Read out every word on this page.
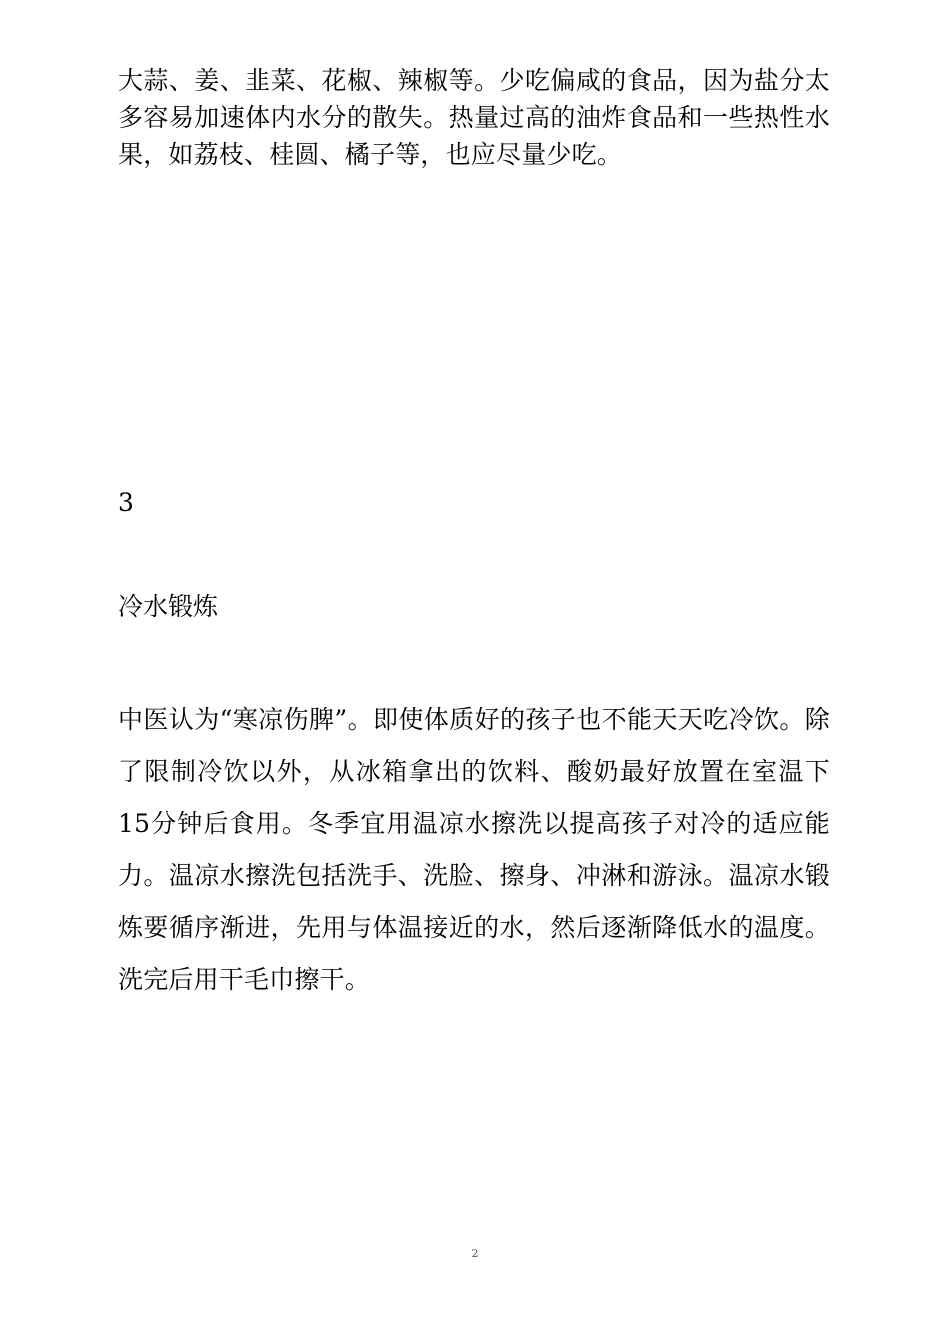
大蒜、姜、韭菜、花椒、辣椒等。少吃偏咸的食品，因为盐分太多容易加速体内水分的散失。热量过高的油炸食品和一些热性水果，如荔枝、桂圆、橘子等，也应尽量少吃。

3

冷水锻炼

中医认为“寒凉伤脾”。即使体质好的孩子也不能天天吃冷饮。除了限制冷饮以外，从冰箱拿出的饮料、酸奶最好放置在室温下15分钟后食用。冬季宜用温凉水擦洗以提高孩子对冷的适应能力。温凉水擦洗包括洗手、洗脸、擦身、冲淋和游泳。温凉水锻炼要循序渐进，先用与体温接近的水，然后逐渐降低水的温度。洗完后用干毛巾擦干。

2
